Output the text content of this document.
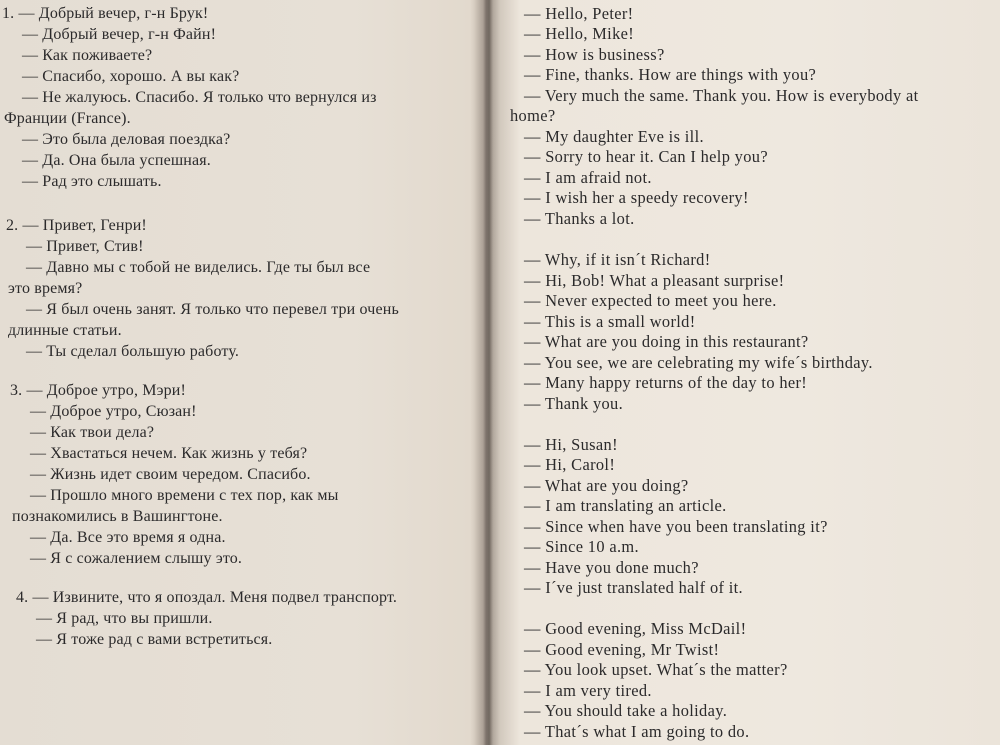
1. — Добрый вечер, г-н Брук!
— Добрый вечер, г-н Файн!
— Как поживаете?
— Спасибо, хорошо. А вы как?
— Не жалуюсь. Спасибо. Я только что вернулся из
Франции (France).
— Это была деловая поездка?
— Да. Она была успешная.
— Рад это слышать.
2. — Привет, Генри!
— Привет, Стив!
— Давно мы с тобой не виделись. Где ты был все
это время?
— Я был очень занят. Я только что перевел три очень
длинные статьи.
— Ты сделал большую работу.
3. — Доброе утро, Мэри!
— Доброе утро, Сюзан!
— Как твои дела?
— Хвастаться нечем. Как жизнь у тебя?
— Жизнь идет своим чередом. Спасибо.
— Прошло много времени с тех пор, как мы
познакомились в Вашингтоне.
— Да. Все это время я одна.
— Я с сожалением слышу это.
4. — Извините, что я опоздал. Меня подвел транспорт.
— Я рад, что вы пришли.
— Я тоже рад с вами встретиться.
— Hello, Peter!
— Hello, Mike!
— How is business?
— Fine, thanks. How are things with you?
— Very much the same. Thank you. How is everybody at
home?
— My daughter Eve is ill.
— Sorry to hear it. Can I help you?
— I am afraid not.
— I wish her a speedy recovery!
— Thanks a lot.
— Why, if it isn´t Richard!
— Hi, Bob! What a pleasant surprise!
— Never expected to meet you here.
— This is a small world!
— What are you doing in this restaurant?
— You see, we are celebrating my wife´s birthday.
— Many happy returns of the day to her!
— Thank you.
— Hi, Susan!
— Hi, Carol!
— What are you doing?
— I am translating an article.
— Since when have you been translating it?
— Since 10 a.m.
— Have you done much?
— I´ve just translated half of it.
— Good evening, Miss McDail!
— Good evening, Mr Twist!
— You look upset. What´s the matter?
— I am very tired.
— You should take a holiday.
— That´s what I am going to do.
